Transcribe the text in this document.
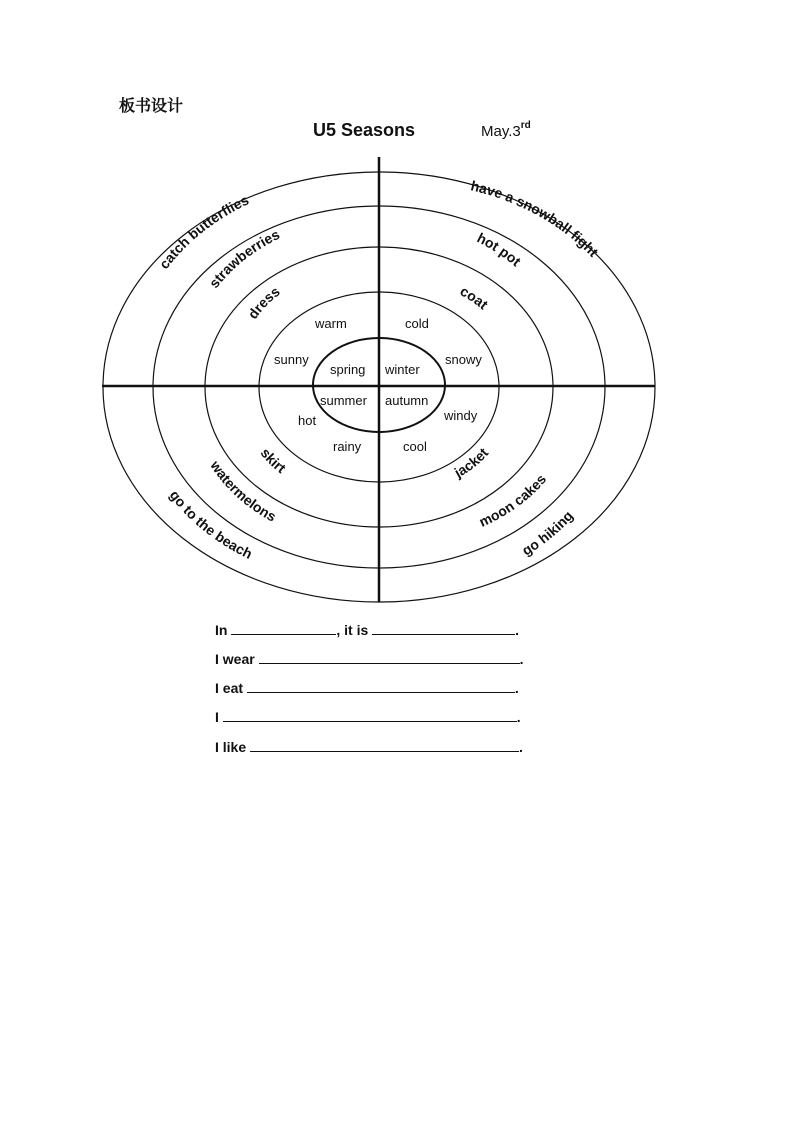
板书设计
U5 Seasons	May.3rd
spring winter
summer autumn
warm	cold
sunny	snowy
hot	windy
rainy	cool
dress	coat
skirt	jacket
strawberries	hot pot
watermelons	moon cakes
catch butterflies
have a snowball fight
go to the beach	go hiking
In	, it is	.
I wear	.
I eat	.
I	.
I like	.
